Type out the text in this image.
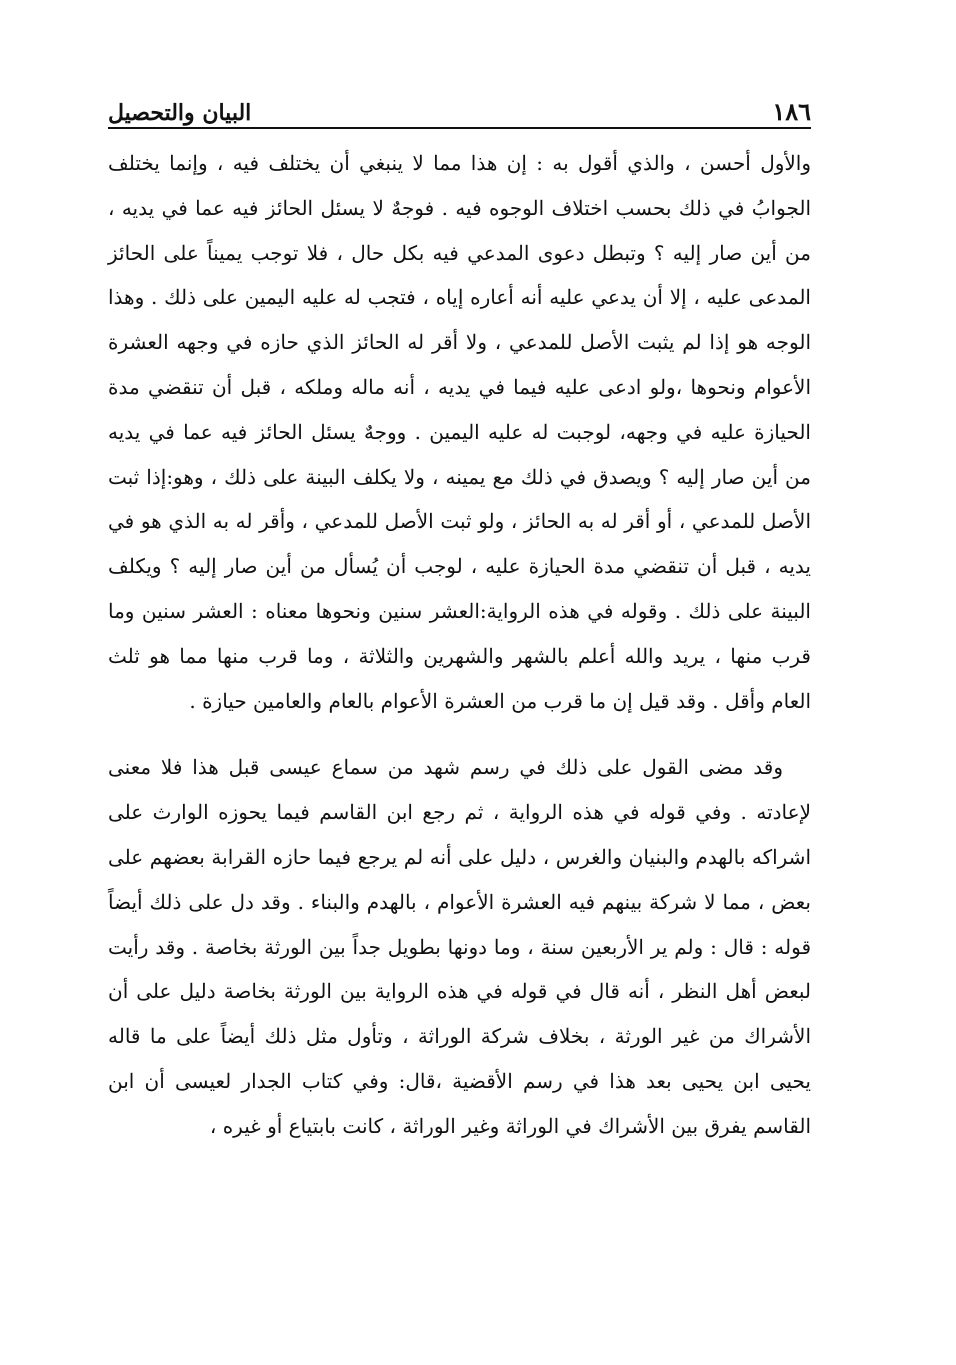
١٨٦
البيان والتحصيل

والأول أحسن ، والذي أقول به : إن هذا مما لا ينبغي أن يختلف فيه ، وإنما يختلف الجوابُ في ذلك بحسب اختلاف الوجوه فيه . فوجهٌ لا يسئل الحائز فيه عما في يديه ، من أين صار إليه ؟ وتبطل دعوى المدعي فيه بكل حال ، فلا توجب يميناً على الحائز المدعى عليه ، إلا أن يدعي عليه أنه أعاره إياه ، فتجب له عليه اليمين على ذلك . وهذا الوجه هو إذا لم يثبت الأصل للمدعي ، ولا أقر له الحائز الذي حازه في وجهه العشرة الأعوام ونحوها ،ولو ادعى عليه فيما في يديه ، أنه ماله وملكه ، قبل أن تنقضي مدة الحيازة عليه في وجهه، لوجبت له عليه اليمين . ووجهٌ يسئل الحائز فيه عما في يديه من أين صار إليه ؟ ويصدق في ذلك مع يمينه ، ولا يكلف البينة على ذلك ، وهو:إذا ثبت الأصل للمدعي ، أو أقر له به الحائز ، ولو ثبت الأصل للمدعي ، وأقر له به الذي هو في يديه ، قبل أن تنقضي مدة الحيازة عليه ، لوجب أن يُسأل من أين صار إليه ؟ ويكلف البينة على ذلك . وقوله في هذه الرواية:العشر سنين ونحوها معناه : العشر سنين وما قرب منها ، يريد والله أعلم بالشهر والشهرين والثلاثة ، وما قرب منها مما هو ثلث العام وأقل . وقد قيل إن ما قرب من العشرة الأعوام بالعام والعامين حيازة .

وقد مضى القول على ذلك في رسم شهد من سماع عيسى قبل هذا فلا معنى لإعادته . وفي قوله في هذه الرواية ، ثم رجع ابن القاسم فيما يحوزه الوارث على اشراكه بالهدم والبنيان والغرس ، دليل على أنه لم يرجع فيما حازه القرابة بعضهم على بعض ، مما لا شركة بينهم فيه العشرة الأعوام ، بالهدم والبناء . وقد دل على ذلك أيضاً قوله : قال : ولم ير الأربعين سنة ، وما دونها بطويل جداً بين الورثة بخاصة . وقد رأيت لبعض أهل النظر ، أنه قال في قوله في هذه الرواية بين الورثة بخاصة دليل على أن الأشراك من غير الورثة ، بخلاف شركة الوراثة ، وتأول مثل ذلك أيضاً على ما قاله يحيى ابن يحيى بعد هذا في رسم الأقضية ،قال: وفي كتاب الجدار لعيسى أن ابن القاسم يفرق بين الأشراك في الوراثة وغير الوراثة ، كانت بابتياع أو غيره ،
